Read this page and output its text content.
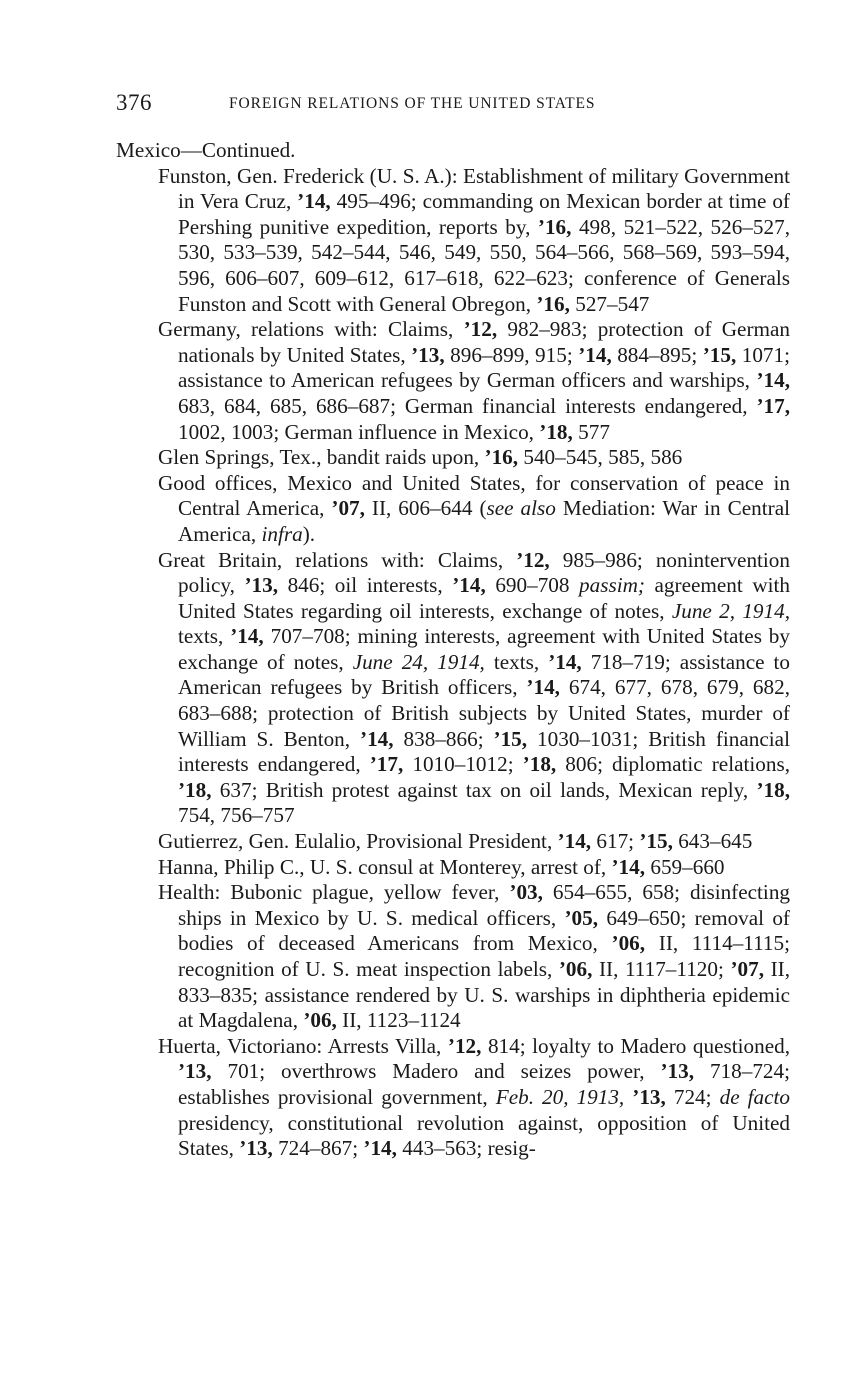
376	FOREIGN RELATIONS OF THE UNITED STATES

Mexico—Continued.

Funston, Gen. Frederick (U. S. A.): Establishment of military Government in Vera Cruz, ’14, 495–496; commanding on Mexican border at time of Pershing punitive expedition, reports by, ’16, 498, 521–522, 526–527, 530, 533–539, 542–544, 546, 549, 550, 564–566, 568–569, 593–594, 596, 606–607, 609–612, 617–618, 622–623; conference of Generals Funston and Scott with General Obregon, ’16, 527–547

Germany, relations with: Claims, ’12, 982–983; protection of German nationals by United States, ’13, 896–899, 915; ’14, 884–895; ’15, 1071; assistance to American refugees by German officers and warships, ’14, 683, 684, 685, 686–687; German financial interests endangered, ’17, 1002, 1003; German influence in Mexico, ’18, 577

Glen Springs, Tex., bandit raids upon, ’16, 540–545, 585, 586

Good offices, Mexico and United States, for conservation of peace in Central America, ’07, II, 606–644 (see also Mediation: War in Central America, infra).

Great Britain, relations with: Claims, ’12, 985–986; nonintervention policy, ’13, 846; oil interests, ’14, 690–708 passim; agreement with United States regarding oil interests, exchange of notes, June 2, 1914, texts, ’14, 707–708; mining interests, agreement with United States by exchange of notes, June 24, 1914, texts, ’14, 718–719; assistance to American refugees by British officers, ’14, 674, 677, 678, 679, 682, 683–688; protection of British subjects by United States, murder of William S. Benton, ’14, 838–866; ’15, 1030–1031; British financial interests endangered, ’17, 1010–1012; ’18, 806; diplomatic relations, ’18, 637; British protest against tax on oil lands, Mexican reply, ’18, 754, 756–757

Gutierrez, Gen. Eulalio, Provisional President, ’14, 617; ’15, 643–645

Hanna, Philip C., U. S. consul at Monterey, arrest of, ’14, 659–660

Health: Bubonic plague, yellow fever, ’03, 654–655, 658; disinfecting ships in Mexico by U. S. medical officers, ’05, 649–650; removal of bodies of deceased Americans from Mexico, ’06, II, 1114–1115; recognition of U. S. meat inspection labels, ’06, II, 1117–1120; ’07, II, 833–835; assistance rendered by U. S. warships in diphtheria epidemic at Magdalena, ’06, II, 1123–1124

Huerta, Victoriano: Arrests Villa, ’12, 814; loyalty to Madero questioned, ’13, 701; overthrows Madero and seizes power, ’13, 718–724; establishes provisional government, Feb. 20, 1913, ’13, 724; de facto presidency, constitutional revolution against, opposition of United States, ’13, 724–867; ’14, 443–563; resig-
